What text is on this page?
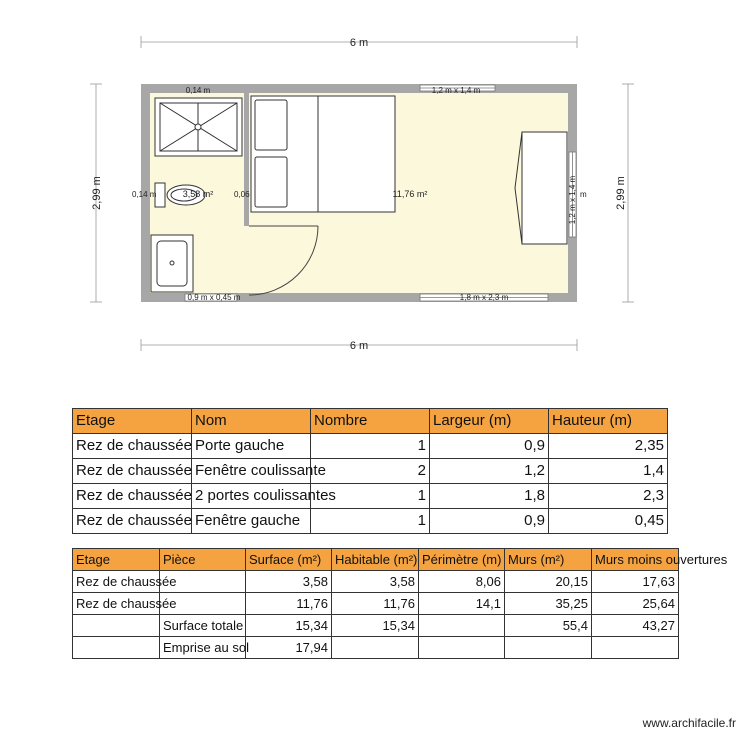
6 m
6 m
2,99 m	2,99 m
3,58 m²	11,76 m²
0,14 m
0,14 m	0,06
1,2 m x 1,4 m
1,2 m x 1,4 m m
0,9 m x 0,45 m	1,8 m x 2,3 m
Etage	Nom	Nombre	Largeur (m)	Hauteur (m)
Rez de chaussée	Porte gauche	1	0,9	2,35
Rez de chaussée	Fenêtre coulissante	2	1,2	1,4
Rez de chaussée	2 portes coulissantes	1	1,8	2,3
Rez de chaussée	Fenêtre gauche	1	0,9	0,45
Etage	Pièce	Surface (m²)	Habitable (m²)	Périmètre (m)	Murs (m²)	Murs moins ouvertures
Rez de chaussée		3,58	3,58	8,06	20,15	17,63
Rez de chaussée		11,76	11,76	14,1	35,25	25,64
	Surface totale	15,34	15,34		55,4	43,27
	Emprise au sol	17,94				
www.archifacile.fr
